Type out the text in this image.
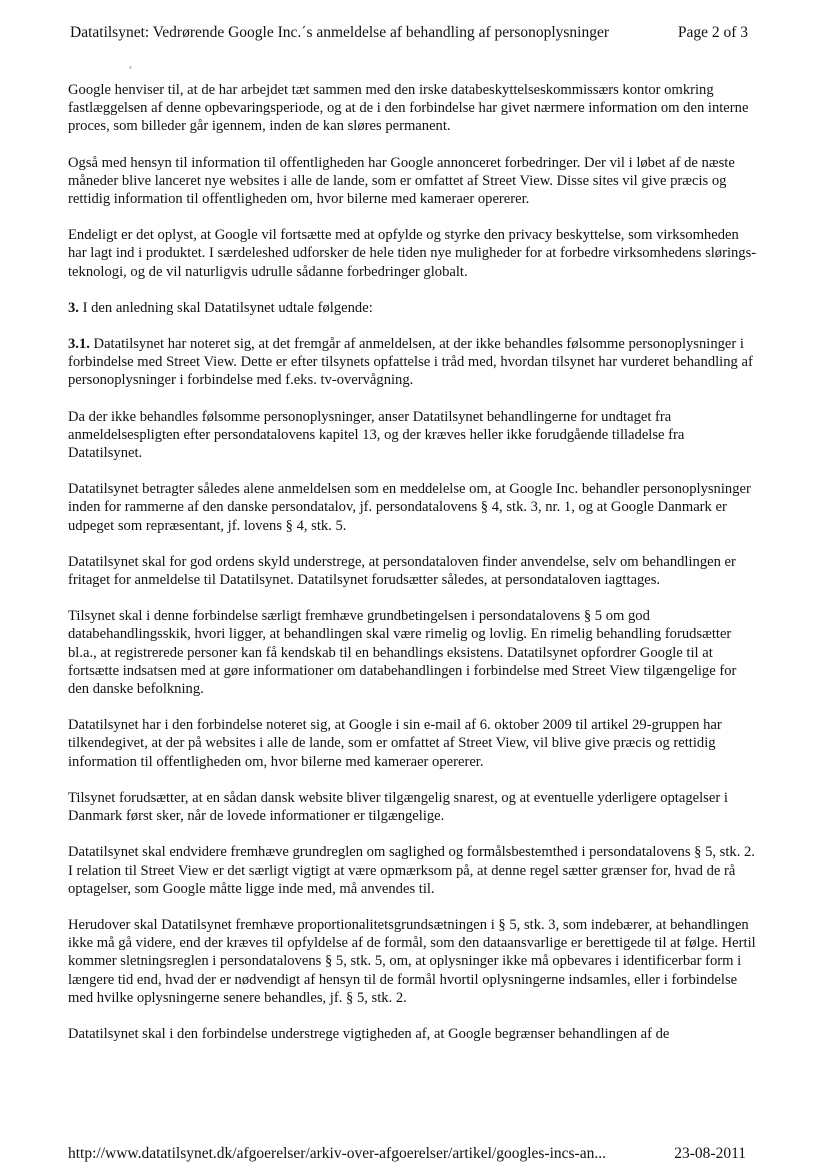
Datatilsynet: Vedrørende Google Inc.´s anmeldelse af behandling af personoplysninger	Page 2 of 3

Google henviser til, at de har arbejdet tæt sammen med den irske databeskyttelseskommissærs kontor omkring fastlæggelsen af denne opbevaringsperiode, og at de i den forbindelse har givet nærmere information om den interne proces, som billeder går igennem, inden de kan sløres permanent.

Også med hensyn til information til offentligheden har Google annonceret forbedringer. Der vil i løbet af de næste måneder blive lanceret nye websites i alle de lande, som er omfattet af Street View. Disse sites vil give præcis og rettidig information til offentligheden om, hvor bilerne med kameraer opererer.

Endeligt er det oplyst, at Google vil fortsætte med at opfylde og styrke den privacy beskyttelse, som virksomheden har lagt ind i produktet. I særdeleshed udforsker de hele tiden nye muligheder for at forbedre virksomhedens slørings-teknologi, og de vil naturligvis udrulle sådanne forbedringer globalt.

3. I den anledning skal Datatilsynet udtale følgende:

3.1. Datatilsynet har noteret sig, at det fremgår af anmeldelsen, at der ikke behandles følsomme personoplysninger i forbindelse med Street View. Dette er efter tilsynets opfattelse i tråd med, hvordan tilsynet har vurderet behandling af personoplysninger i forbindelse med f.eks. tv-overvågning.

Da der ikke behandles følsomme personoplysninger, anser Datatilsynet behandlingerne for undtaget fra anmeldelsespligten efter persondatalovens kapitel 13, og der kræves heller ikke forudgående tilladelse fra Datatilsynet.

Datatilsynet betragter således alene anmeldelsen som en meddelelse om, at Google Inc. behandler personoplysninger inden for rammerne af den danske persondatalov, jf. persondatalovens § 4, stk. 3, nr. 1, og at Google Danmark er udpeget som repræsentant, jf. lovens § 4, stk. 5.

Datatilsynet skal for god ordens skyld understrege, at persondataloven finder anvendelse, selv om behandlingen er fritaget for anmeldelse til Datatilsynet. Datatilsynet forudsætter således, at persondataloven iagttages.

Tilsynet skal i denne forbindelse særligt fremhæve grundbetingelsen i persondatalovens § 5 om god databehandlingsskik, hvori ligger, at behandlingen skal være rimelig og lovlig. En rimelig behandling forudsætter bl.a., at registrerede personer kan få kendskab til en behandlings eksistens. Datatilsynet opfordrer Google til at fortsætte indsatsen med at gøre informationer om databehandlingen i forbindelse med Street View tilgængelige for den danske befolkning.

Datatilsynet har i den forbindelse noteret sig, at Google i sin e-mail af 6. oktober 2009 til artikel 29-gruppen har tilkendegivet, at der på websites i alle de lande, som er omfattet af Street View, vil blive give præcis og rettidig information til offentligheden om, hvor bilerne med kameraer opererer.

Tilsynet forudsætter, at en sådan dansk website bliver tilgængelig snarest, og at eventuelle yderligere optagelser i Danmark først sker, når de lovede informationer er tilgængelige.

Datatilsynet skal endvidere fremhæve grundreglen om saglighed og formålsbestemthed i persondatalovens § 5, stk. 2. I relation til Street View er det særligt vigtigt at være opmærksom på, at denne regel sætter grænser for, hvad de rå optagelser, som Google måtte ligge inde med, må anvendes til.

Herudover skal Datatilsynet fremhæve proportionalitetsgrundsætningen i § 5, stk. 3, som indebærer, at behandlingen ikke må gå videre, end der kræves til opfyldelse af de formål, som den dataansvarlige er berettigede til at følge. Hertil kommer sletningsreglen i persondatalovens § 5, stk. 5, om, at oplysninger ikke må opbevares i identificerbar form i længere tid end, hvad der er nødvendigt af hensyn til de formål hvortil oplysningerne indsamles, eller i forbindelse med hvilke oplysningerne senere behandles, jf. § 5, stk. 2.

Datatilsynet skal i den forbindelse understrege vigtigheden af, at Google begrænser behandlingen af de

http://www.datatilsynet.dk/afgoerelser/arkiv-over-afgoerelser/artikel/googles-incs-an...	23-08-2011
